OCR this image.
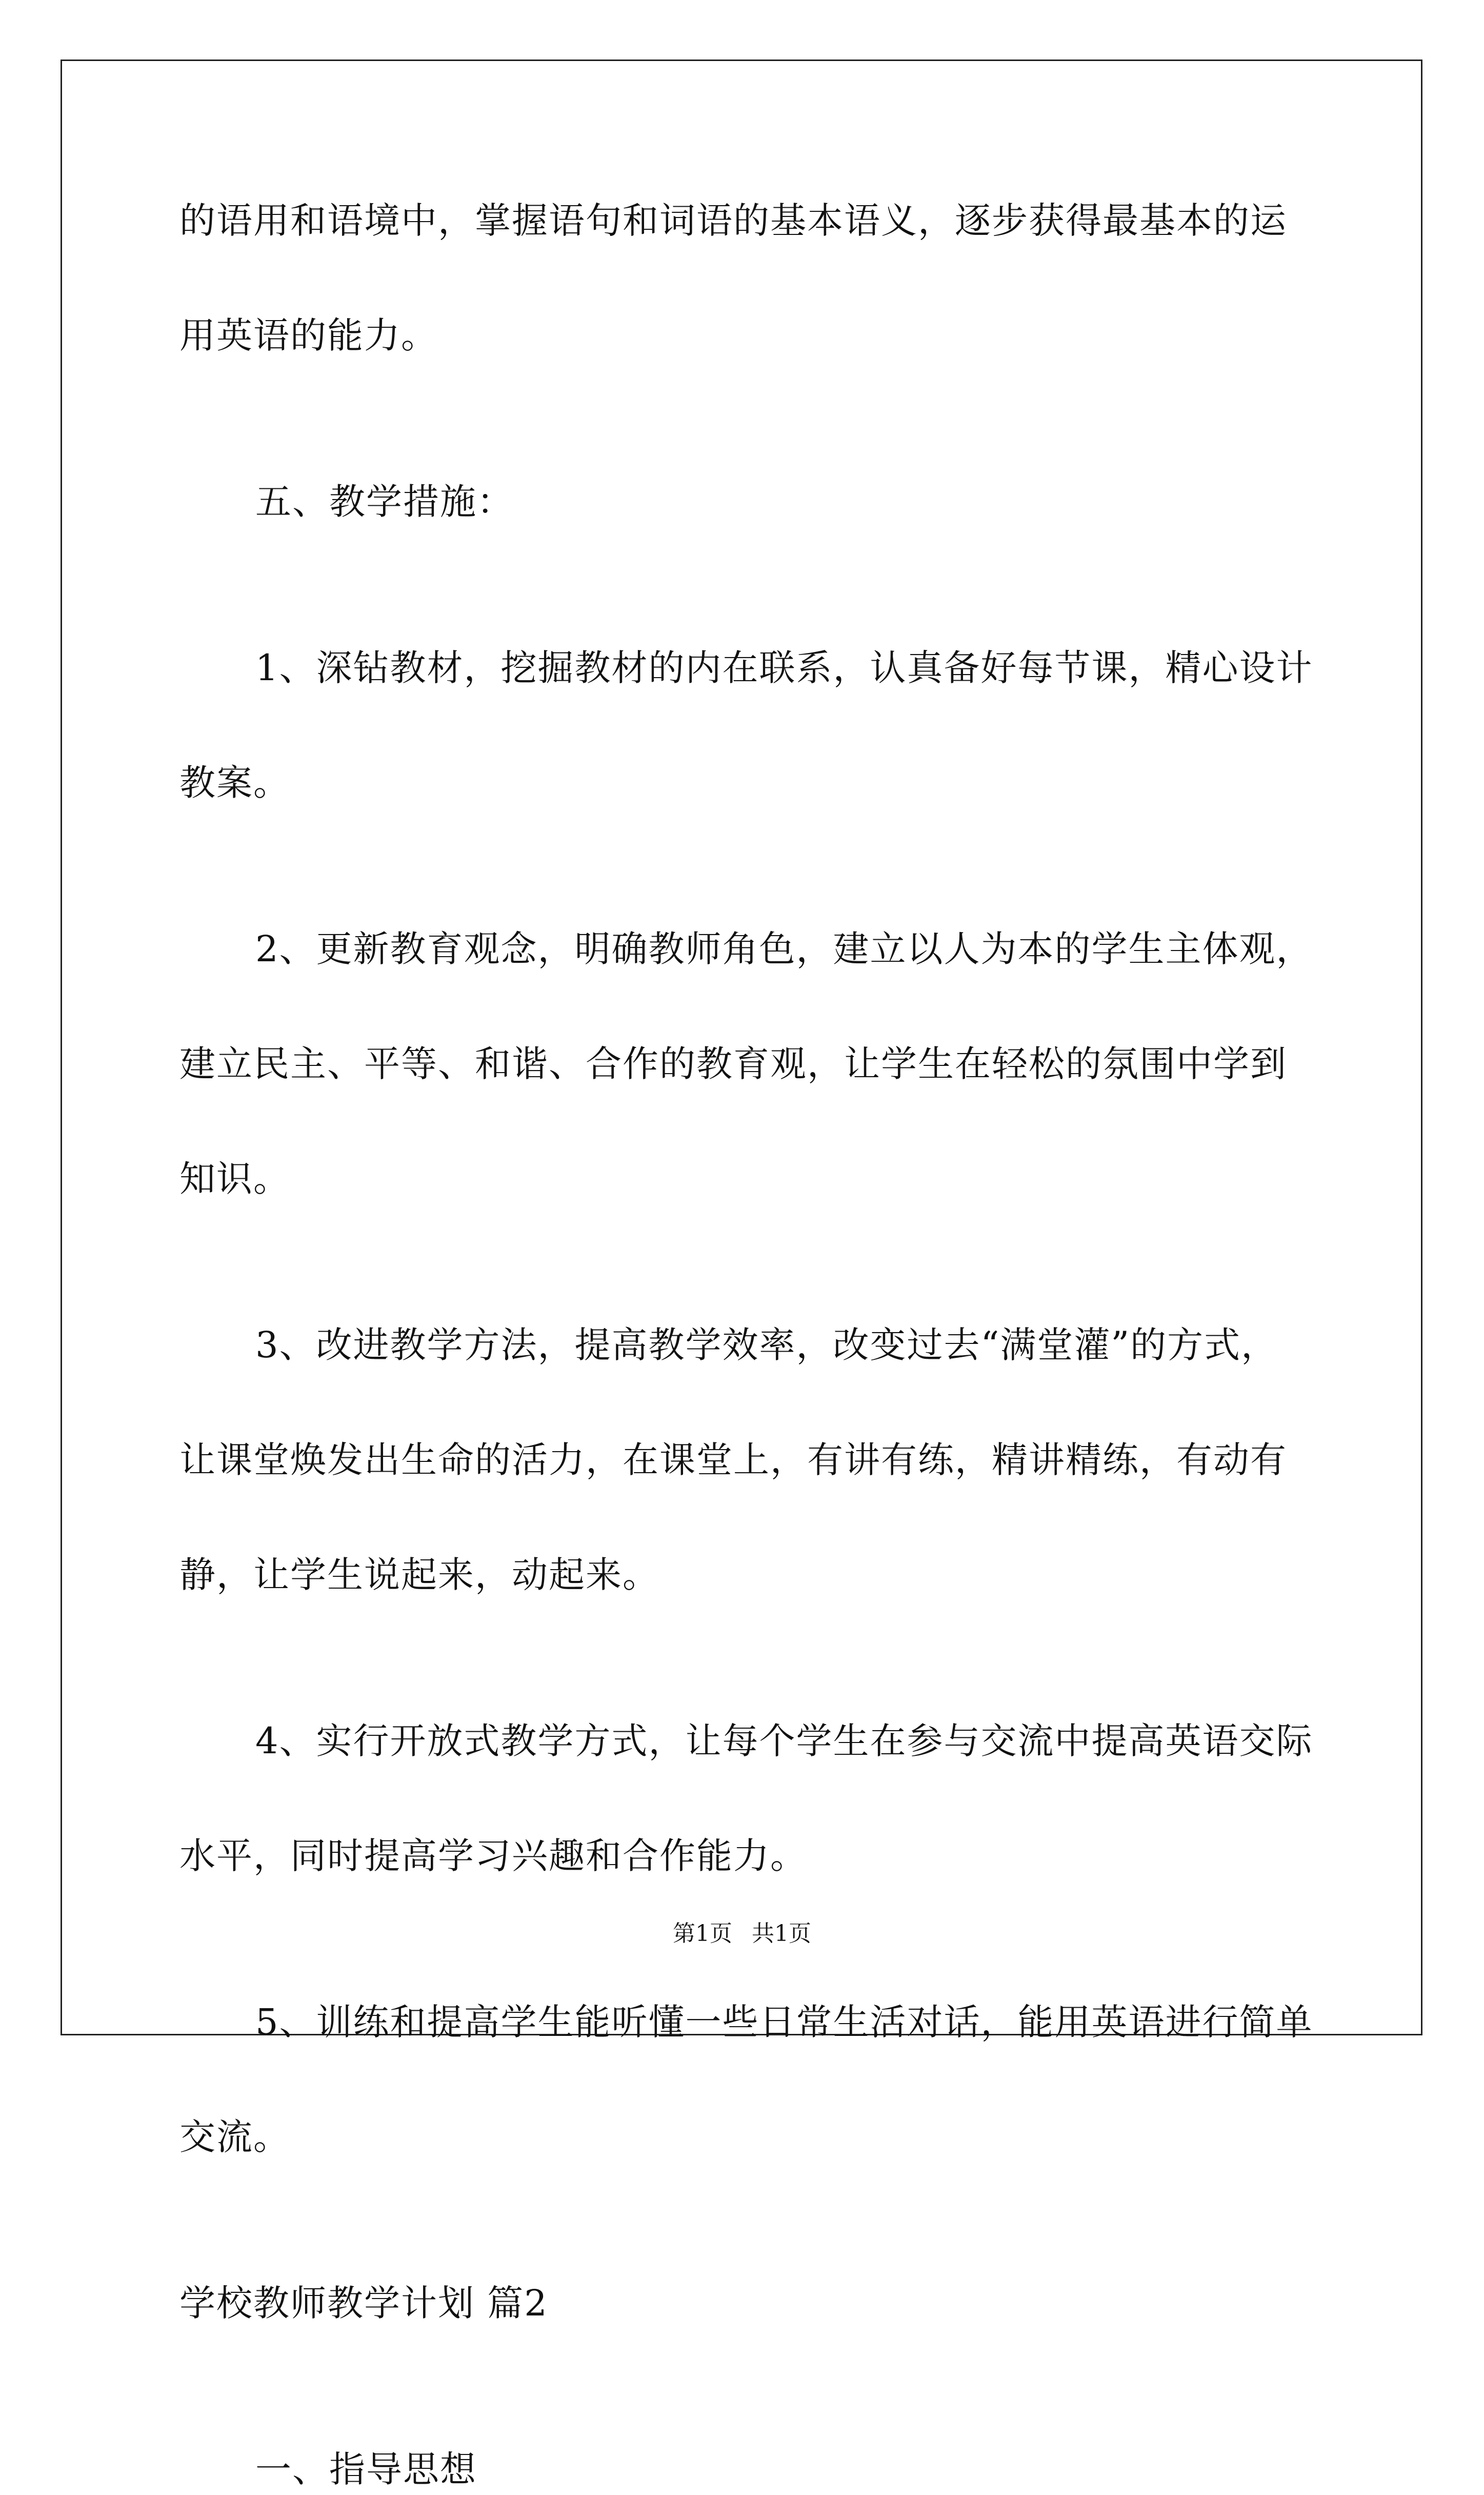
的语用和语境中，掌握语句和词语的基本语义，逐步获得最基本的运
用英语的能力。
五、教学措施：
1、深钻教材，挖掘教材的内在联系，认真备好每节课，精心设计
教案。
2、更新教育观念，明确教师角色，建立以人为本的学生主体观，
建立民主、平等、和谐、合作的教育观，让学生在轻松的氛围中学到
知识。
3、改进教学方法，提高教学效率，改变过去“满堂灌”的方式，
让课堂焕发出生命的活力，在课堂上，有讲有练，精讲精练，有动有
静，让学生说起来，动起来。
4、实行开放式教学方式，让每个学生在参与交流中提高英语交际
水平，同时提高学习兴趣和合作能力。
5、训练和提高学生能听懂一些日常生活对话，能用英语进行简单
交流。
学校教师教学计划 篇2
一、指导思想
第1页 共1页
